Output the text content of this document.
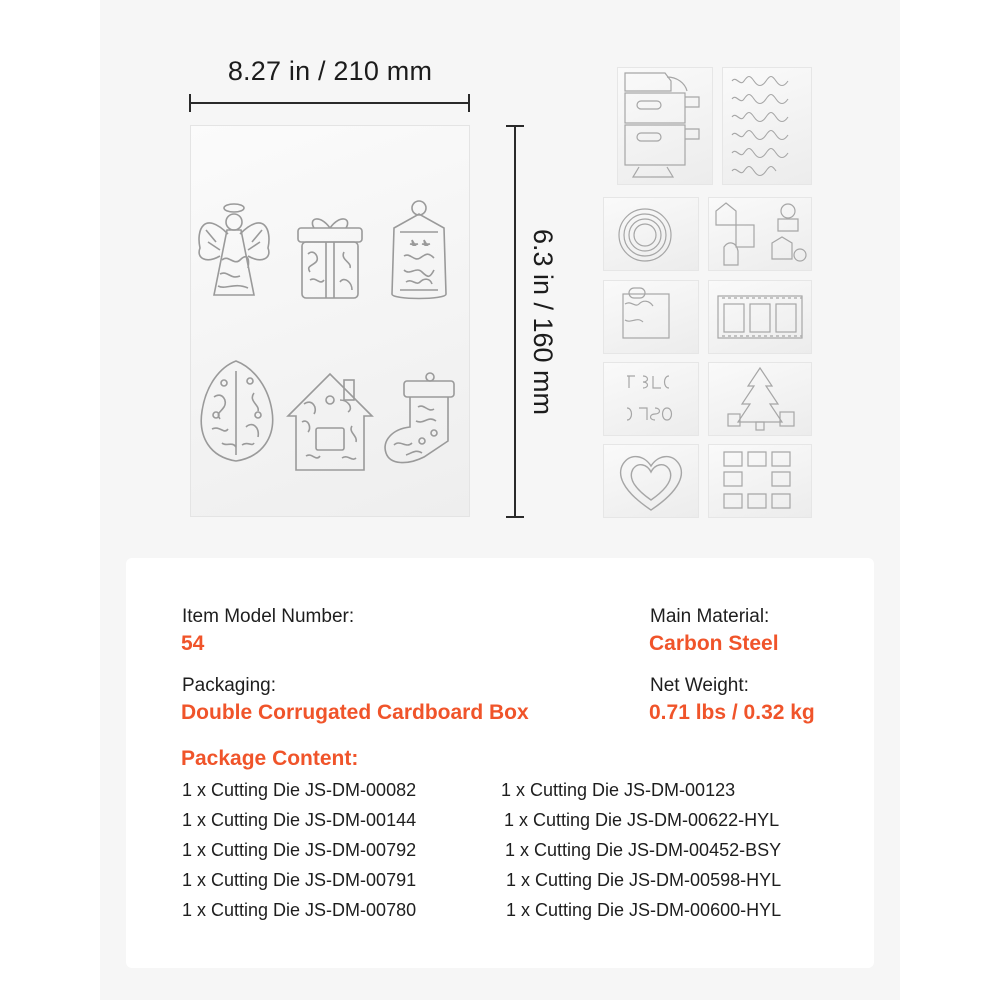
8.27 in / 210 mm
6.3 in / 160 mm
Item Model Number:
54
Main Material:
Carbon Steel
Packaging:
Double Corrugated Cardboard Box
Net Weight:
0.71 lbs / 0.32 kg
Package Content:
1 x Cutting Die JS-DM-00082
1 x Cutting Die JS-DM-00144
1 x Cutting Die JS-DM-00792
1 x Cutting Die JS-DM-00791
1 x Cutting Die JS-DM-00780
1 x Cutting Die JS-DM-00123
1 x Cutting Die JS-DM-00622-HYL
1 x Cutting Die JS-DM-00452-BSY
1 x Cutting Die JS-DM-00598-HYL
1 x Cutting Die JS-DM-00600-HYL
